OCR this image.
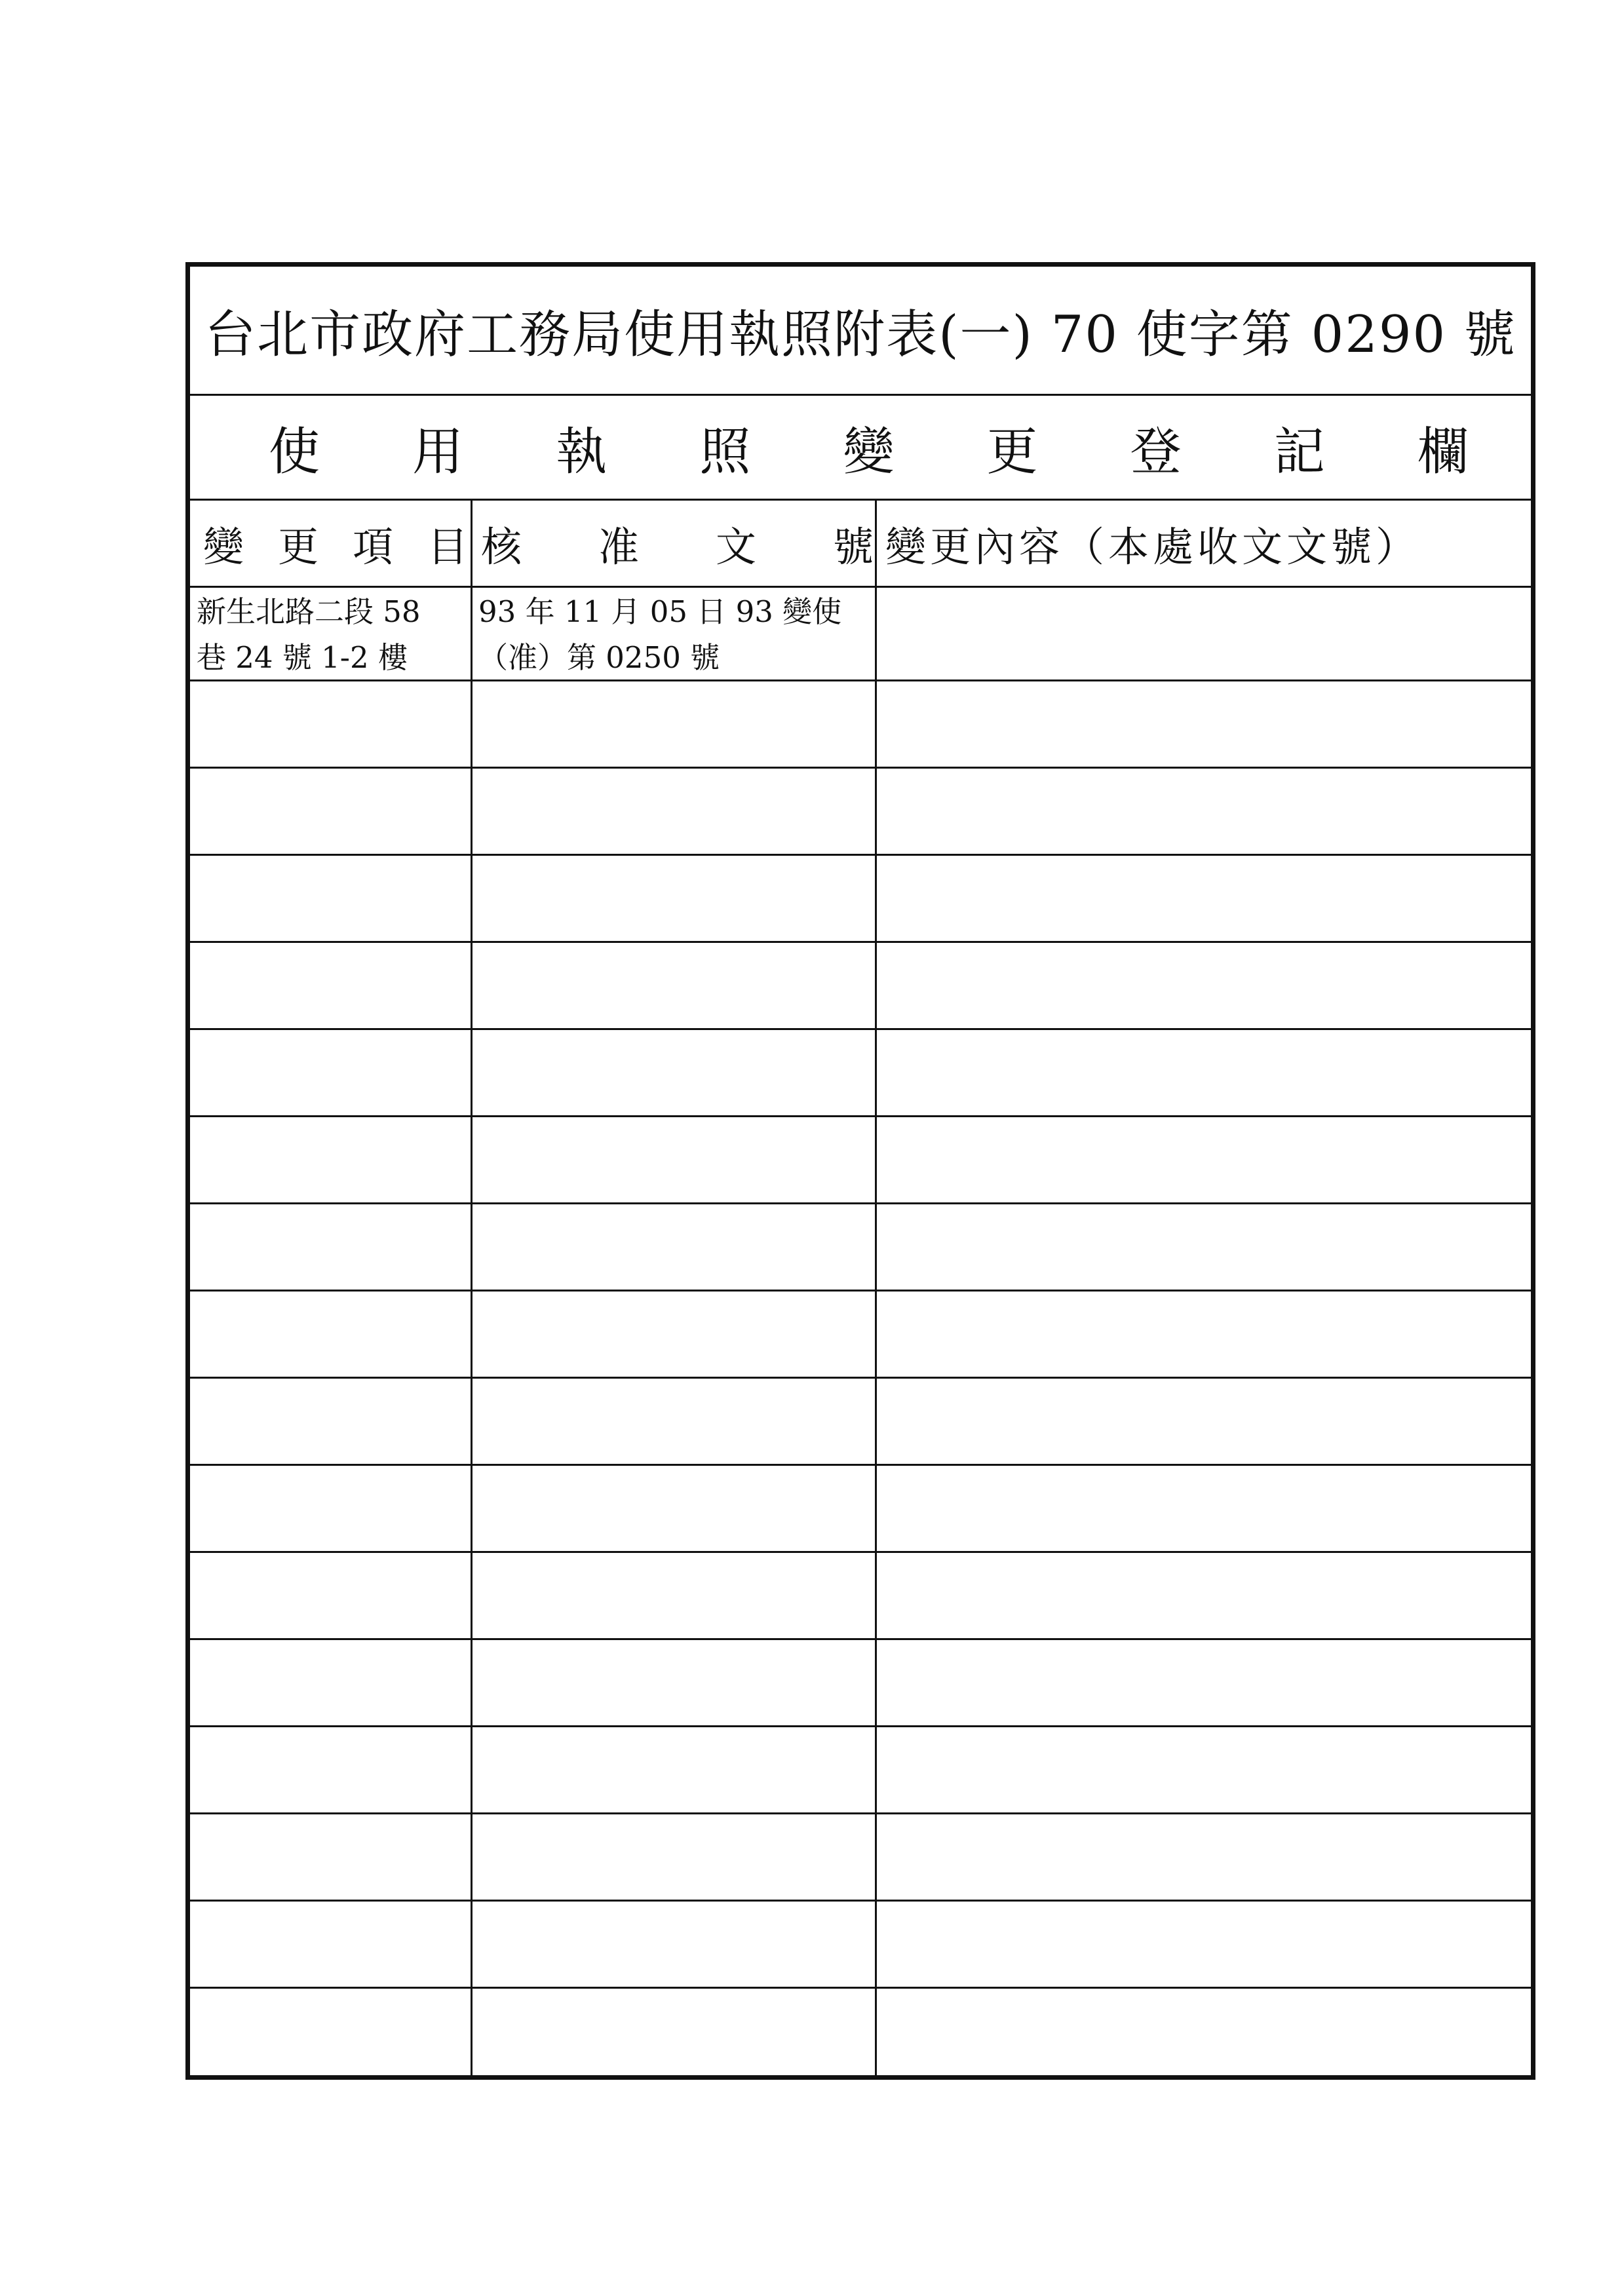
台北市政府工務局使用執照附表(一) 70 使字第 0290 號
使 用 執 照 變 更 登 記 欄
變 更 項 目 核 准 文 號 變更內容（本處收文文號）
新生北路二段 58
巷 24 號 1-2 樓
93 年 11 月 05 日 93 變使
（准）第 0250 號
